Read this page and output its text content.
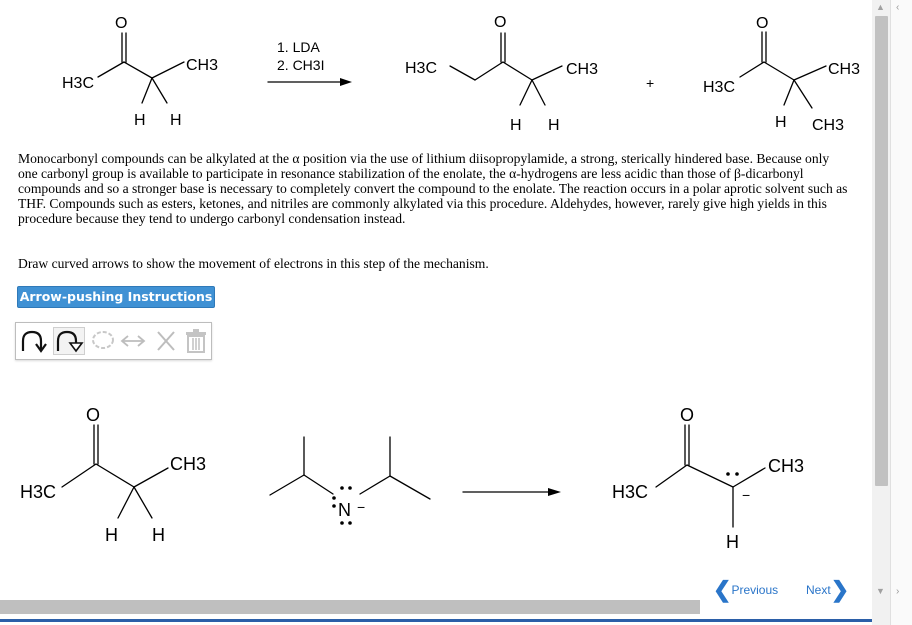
O
H3C
CH3
H H
1. LDA
2. CH3I
O
H3C	CH3
H H
+
O
H3C
CH3
H CH3
O
H3C
CH3
H H
N −
O
H3C
CH3
H
−
Monocarbonyl compounds can be alkylated at the α position via the use of lithium diisopropylamide, a strong, sterically hindered base. Because only one carbonyl group is available to participate in resonance stabilization of the enolate, the α-hydrogens are less acidic than those of β-dicarbonyl compounds and so a stronger base is necessary to completely convert the compound to the enolate. The reaction occurs in a polar aprotic solvent such as THF. Compounds such as esters, ketones, and nitriles are commonly alkylated via this procedure. Aldehydes, however, rarely give high yields in this procedure because they tend to undergo carbonyl condensation instead.
Draw curved arrows to show the movement of electrons in this step of the mechanism.
Arrow-pushing Instructions
❮Previous Next❯
▲
▼
‹
›
